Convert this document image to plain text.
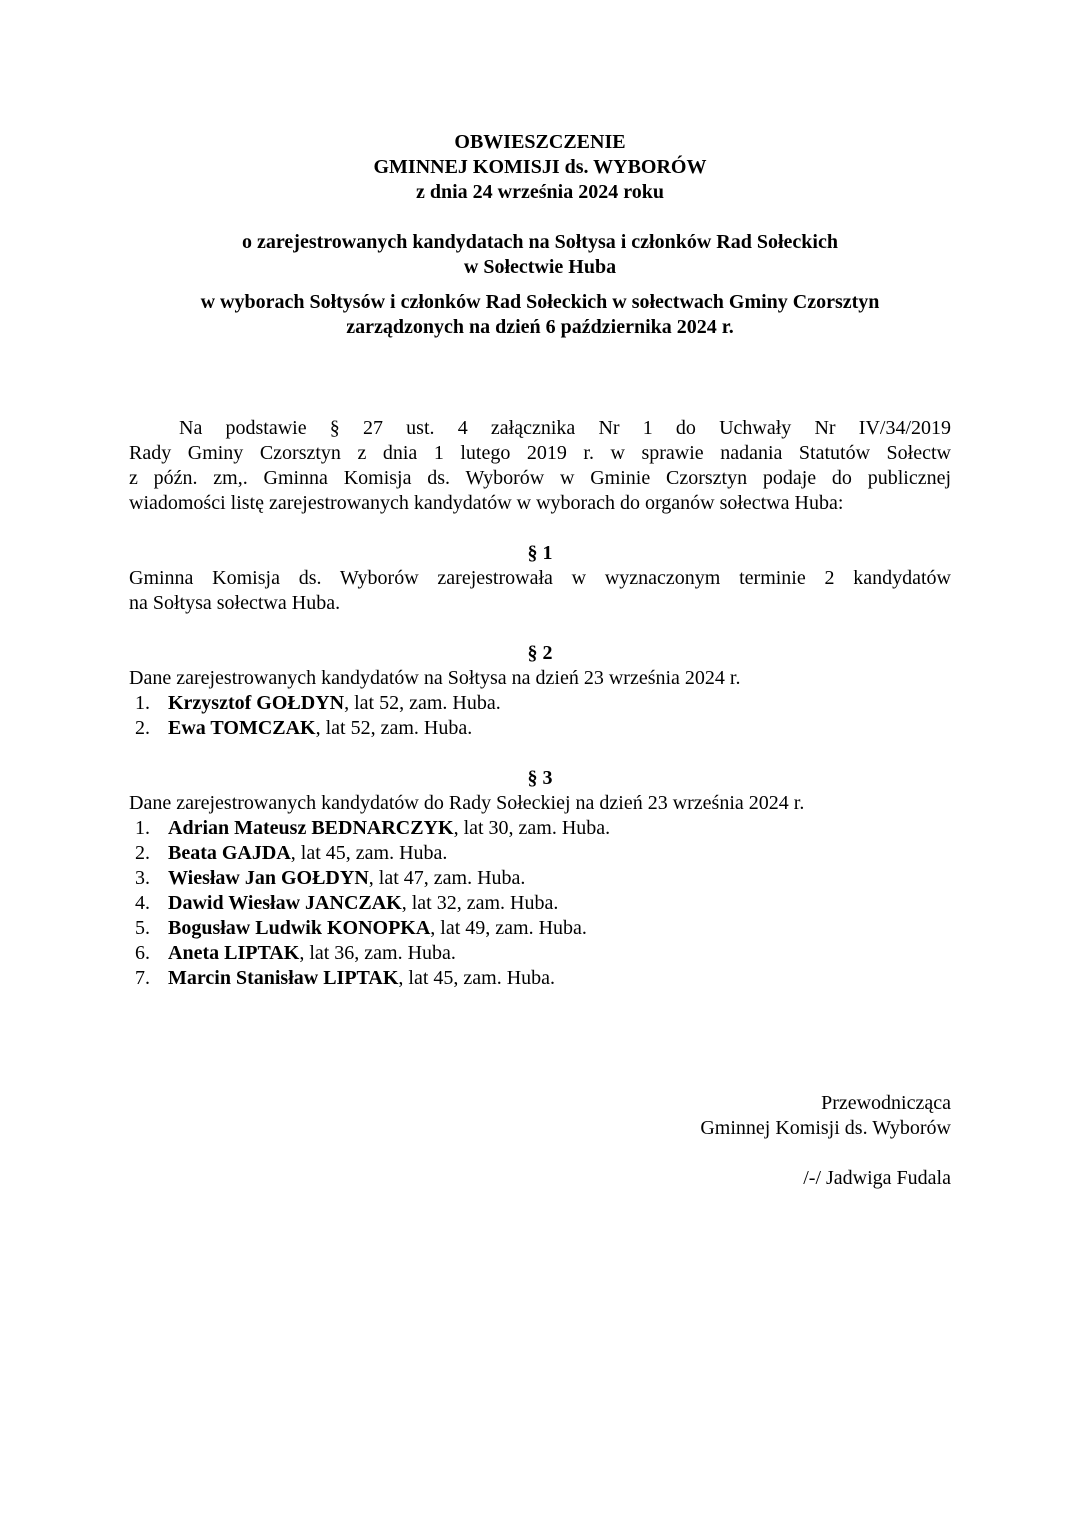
OBWIESZCZENIE
GMINNEJ KOMISJI ds. WYBORÓW
z dnia 24 września 2024 roku
o zarejestrowanych kandydatach na Sołtysa i członków Rad Sołeckich
w Sołectwie Huba
w wyborach Sołtysów i członków Rad Sołeckich w sołectwach Gminy Czorsztyn
zarządzonych na dzień 6 października 2024 r.
Na podstawie § 27 ust. 4 załącznika Nr 1 do Uchwały Nr IV/34/2019
Rady Gminy Czorsztyn z dnia 1 lutego 2019 r. w sprawie nadania Statutów Sołectw
z późn. zm,. Gminna Komisja ds. Wyborów w Gminie Czorsztyn podaje do publicznej
wiadomości listę zarejestrowanych kandydatów w wyborach do organów sołectwa Huba:
§ 1
Gminna Komisja ds. Wyborów zarejestrowała w wyznaczonym terminie 2 kandydatów
na Sołtysa sołectwa Huba.
§ 2
Dane zarejestrowanych kandydatów na Sołtysa na dzień 23 września 2024 r.
1. Krzysztof GOŁDYN, lat 52, zam. Huba.
2. Ewa TOMCZAK, lat 52, zam. Huba.
§ 3
Dane zarejestrowanych kandydatów do Rady Sołeckiej na dzień 23 września 2024 r.
1. Adrian Mateusz BEDNARCZYK, lat 30, zam. Huba.
2. Beata GAJDA, lat 45, zam. Huba.
3. Wiesław Jan GOŁDYN, lat 47, zam. Huba.
4. Dawid Wiesław JANCZAK, lat 32, zam. Huba.
5. Bogusław Ludwik KONOPKA, lat 49, zam. Huba.
6. Aneta LIPTAK, lat 36, zam. Huba.
7. Marcin Stanisław LIPTAK, lat 45, zam. Huba.
Przewodnicząca
Gminnej Komisji ds. Wyborów
/-/ Jadwiga Fudala
